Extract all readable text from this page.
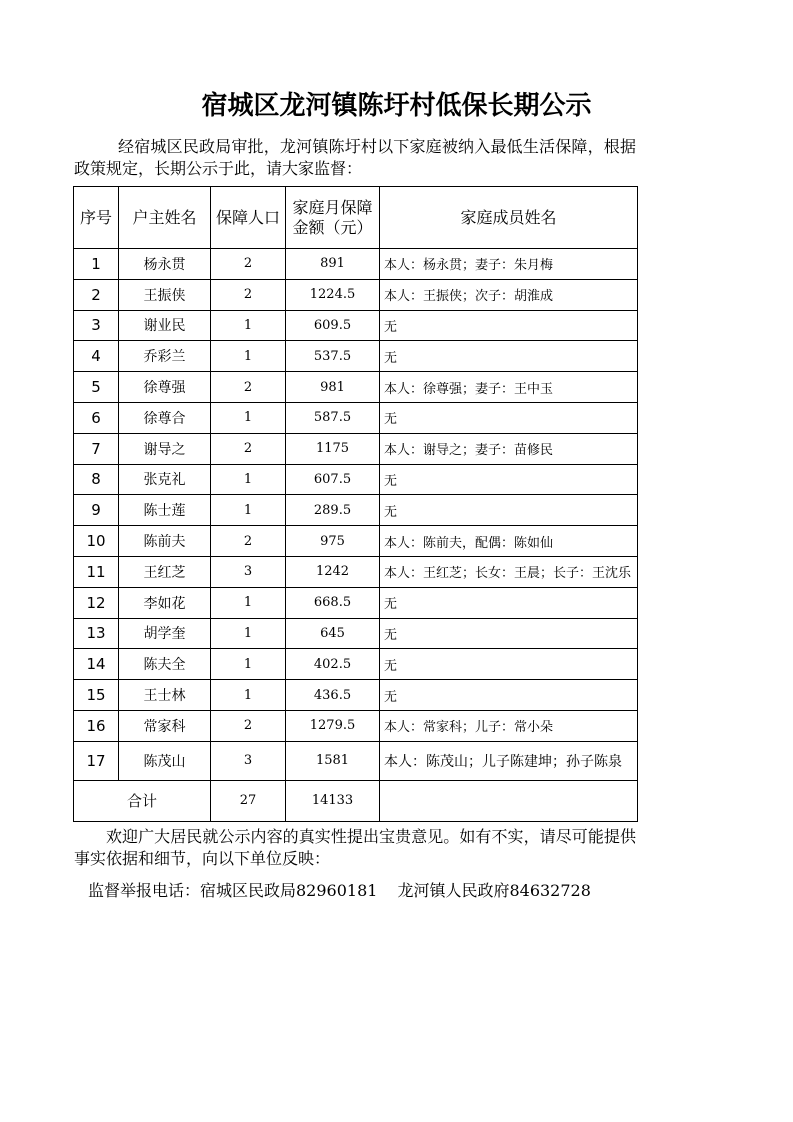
宿城区龙河镇陈圩村低保长期公示
经宿城区民政局审批，龙河镇陈圩村以下家庭被纳入最低生活保障，根据政策规定，长期公示于此，请大家监督：
序号	户主姓名	保障人口	家庭月保障
金额（元）	家庭成员姓名
1	杨永贯	2	891	本人：杨永贯；妻子：朱月梅
2	王振侠	2	1224.5	本人：王振侠；次子：胡淮成
3	谢业民	1	609.5	无
4	乔彩兰	1	537.5	无
5	徐尊强	2	981	本人：徐尊强；妻子：王中玉
6	徐尊合	1	587.5	无
7	谢导之	2	1175	本人：谢导之；妻子：苗修民
8	张克礼	1	607.5	无
9	陈士莲	1	289.5	无
10	陈前夫	2	975	本人：陈前夫，配偶：陈如仙
11	王红芝	3	1242	本人：王红芝；长女：王晨；长子：王沈乐
12	李如花	1	668.5	无
13	胡学奎	1	645	无
14	陈夫全	1	402.5	无
15	王士林	1	436.5	无
16	常家科	2	1279.5	本人：常家科；儿子：常小朵
17	陈茂山	3	1581	本人：陈茂山；儿子陈建坤；孙子陈泉
合计		27	14133	
欢迎广大居民就公示内容的真实性提出宝贵意见。如有不实，请尽可能提供事实依据和细节，向以下单位反映：
监督举报电话：宿城区民政局82960181 龙河镇人民政府84632728
